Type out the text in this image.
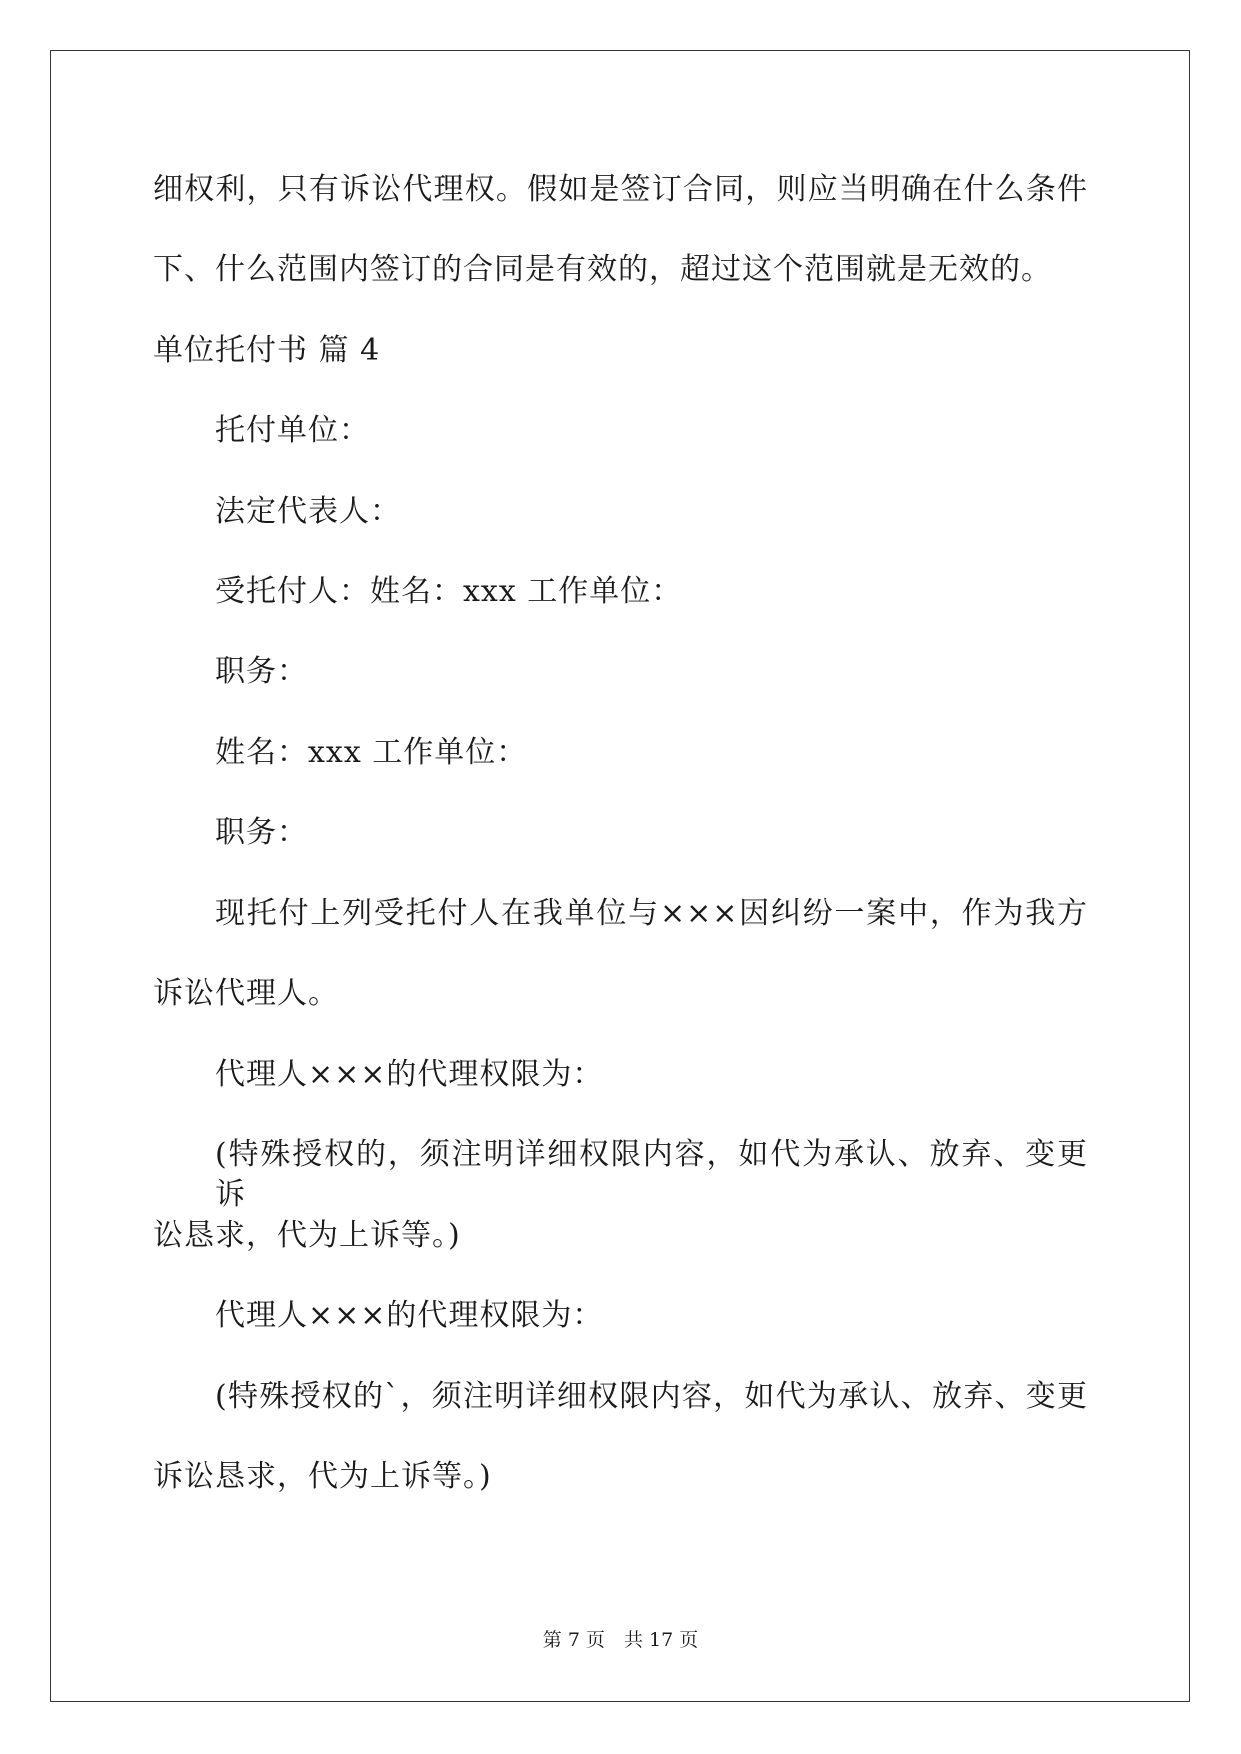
细权利，只有诉讼代理权。假如是签订合同，则应当明确在什么条件
下、什么范围内签订的合同是有效的，超过这个范围就是无效的。
单位托付书 篇 4
托付单位：
法定代表人：
受托付人：姓名：xxx 工作单位：
职务：
姓名：xxx 工作单位：
职务：
现托付上列受托付人在我单位与×××因纠纷一案中，作为我方
诉讼代理人。
代理人×××的代理权限为：
(特殊授权的，须注明详细权限内容，如代为承认、放弃、变更诉
讼恳求，代为上诉等。)
代理人×××的代理权限为：
(特殊授权的`，须注明详细权限内容，如代为承认、放弃、变更
诉讼恳求，代为上诉等。)
第 7 页　共 17 页
